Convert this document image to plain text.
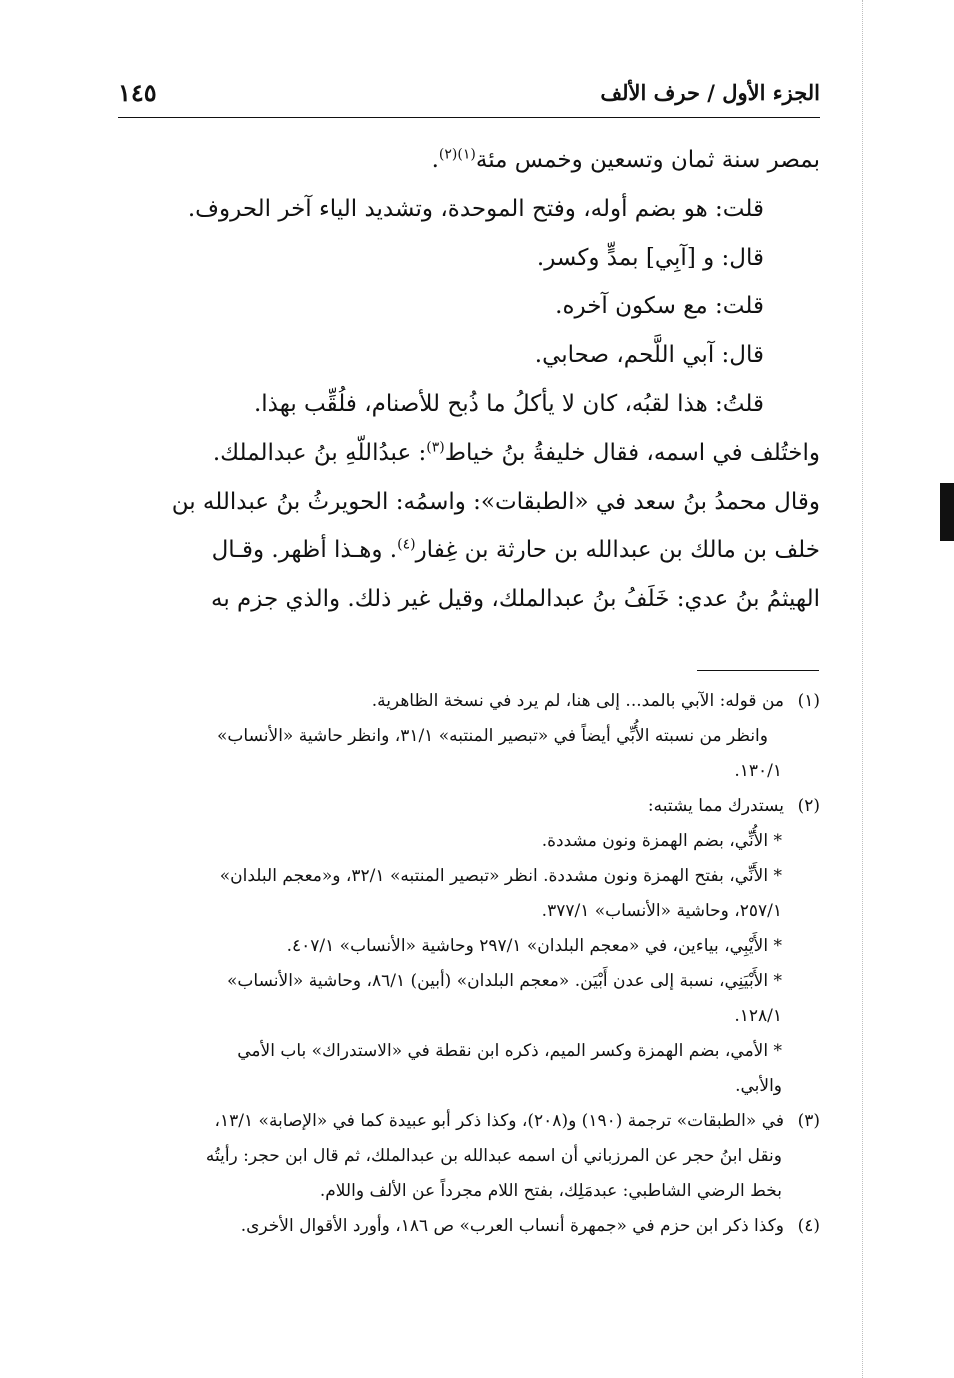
الجزء الأول / حرف الألف
١٤٥

بمصر سنة ثمان وتسعين وخمس مئة$^{(١)(٢)}$.

قلت: هو بضم أوله، وفتح الموحدة، وتشديد الياء آخر الحروف.

قال: و [آبِي] بمدٍّ وكسر.

قلت: مع سكون آخره.

قال: آبي اللَّحم، صحابي.

قلتُ: هذا لقبُه، كان لا يأكلُ ما ذُبح للأصنام، فلُقِّب بهذا.

واختُلف في اسمه، فقال خليفةُ بنُ خياط$^{(٣)}$: عبدُاللّهِ بنُ عبدالملك.

وقال محمدُ بنُ سعد في «الطبقات»: واسمُه: الحويرثُ بنُ عبدالله بن

خلف بن مالك بن عبدالله بن حارثة بن غِفار$^{(٤)}$. وهـذا أظهر. وقـال

الهيثمُ بنُ عدي: خَلَفُ بنُ عبدالملك، وقيل غير ذلك. والذي جزم به

(١)من قوله: الآبي بالمد... إلى هنا، لم يرد في نسخة الظاهرية.

وانظر من نسبته الأُبِّي أيضاً في «تبصير المنتبه» ٣١/١، وانظر حاشية «الأنساب»

١٣٠/١.

(٢)يستدرك مما يشتبه:

* الأُنِّي، بضم الهمزة ونون مشددة.

* الأَنِّي، بفتح الهمزة ونون مشددة. انظر «تبصير المنتبه» ٣٢/١، و«معجم البلدان»

٢٥٧/١، وحاشية «الأنساب» ٣٧٧/١.

* الأَيْبِي، بياءين، في «معجم البلدان» ٢٩٧/١ وحاشية «الأنساب» ٤٠٧/١.

* الأَبْيَنِي، نسبة إلى عدن أَبْيَن. «معجم البلدان» (أبين) ٨٦/١، وحاشية «الأنساب»

١٢٨/١.

* الأمي، بضم الهمزة وكسر الميم، ذكره ابن نقطة في «الاستدراك» باب الأمي

والأبي.

(٣)في «الطبقات» ترجمة (١٩٠) و(٢٠٨)، وكذا ذكر أبو عبيدة كما في «الإصابة» ١٣/١،

ونقل ابنُ حجر عن المرزباني أن اسمه عبدالله بن عبدالملك، ثم قال ابن حجر: رأيتُه

بخط الرضي الشاطبي: عبدمَلِك، بفتح اللام مجرداً عن الألف واللام.

(٤)وكذا ذكر ابن حزم في «جمهرة أنساب العرب» ص ١٨٦، وأورد الأقوال الأخرى.
